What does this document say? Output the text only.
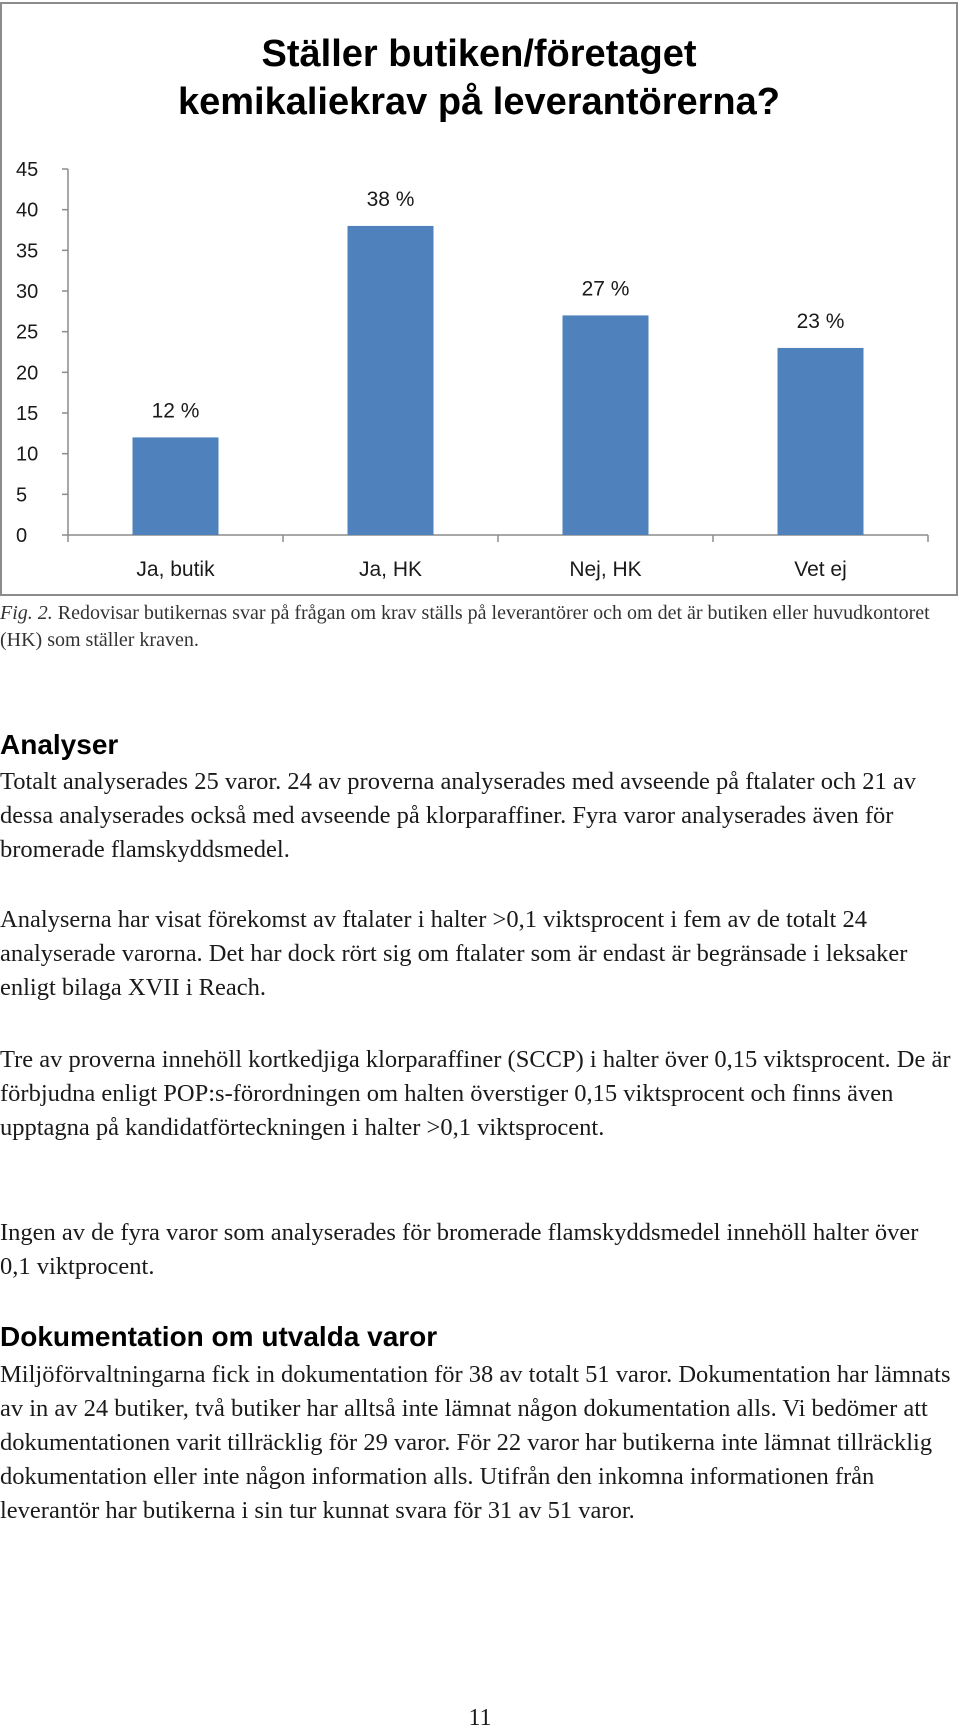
Ställer butiken/företaget
kemikaliekrav på leverantörerna?
0
5
10
15
20
25
30
35
40
45
12 %
Ja, butik
38 %
Ja, HK
27 %
Nej, HK
23 %
Vet ej
Fig. 2. Redovisar butikernas svar på frågan om krav ställs på leverantörer och om det är butiken eller huvudkontoret (HK) som ställer kraven.
Analyser

Totalt analyserades 25 varor. 24 av proverna analyserades med avseende på ftalater och 21 av dessa analyserades också med avseende på klorparaffiner. Fyra varor analyserades även för bromerade flamskyddsmedel.

Analyserna har visat förekomst av ftalater i halter >0,1 viktsprocent i fem av de totalt 24 analyserade varorna. Det har dock rört sig om ftalater som är endast är begränsade i leksaker enligt bilaga XVII i Reach.

Tre av proverna innehöll kortkedjiga klorparaffiner (SCCP) i halter över 0,15 viktsprocent. De är förbjudna enligt POP:s-förordningen om halten överstiger 0,15 viktsprocent och finns även upptagna på kandidatförteckningen i halter >0,1 viktsprocent.

Ingen av de fyra varor som analyserades för bromerade flamskyddsmedel innehöll halter över 0,1 viktprocent.

Dokumentation om utvalda varor

Miljöförvaltningarna fick in dokumentation för 38 av totalt 51 varor. Dokumentation har lämnats av in av 24 butiker, två butiker har alltså inte lämnat någon dokumentation alls. Vi bedömer att dokumentationen varit tillräcklig för 29 varor. För 22 varor har butikerna inte lämnat tillräcklig dokumentation eller inte någon information alls. Utifrån den inkomna informationen från leverantör har butikerna i sin tur kunnat svara för 31 av 51 varor.

11
